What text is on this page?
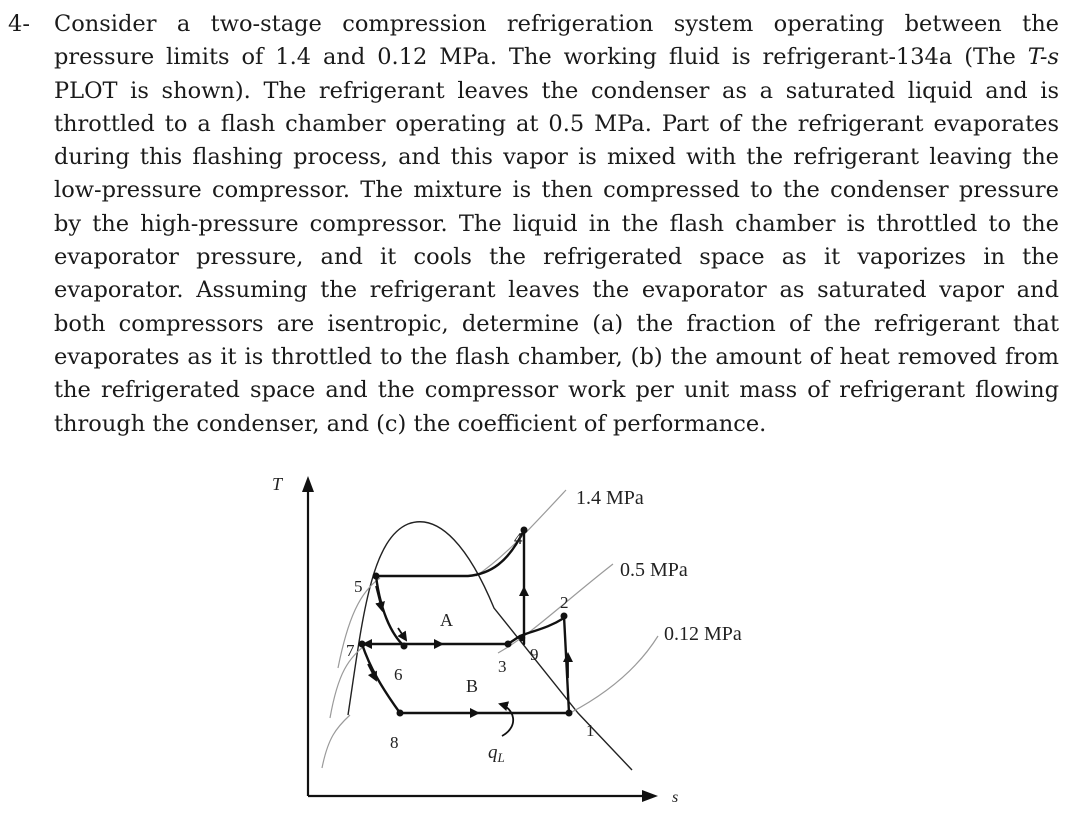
4-	Consider a two-stage compression refrigeration system operating between the pressure limits of 1.4 and 0.12 MPa. The working fluid is refrigerant-134a (The T-s PLOT is shown). The refrigerant leaves the condenser as a saturated liquid and is throttled to a flash chamber operating at 0.5 MPa. Part of the refrigerant evaporates during this flashing process, and this vapor is mixed with the refrigerant leaving the low-pressure compressor. The mixture is then compressed to the condenser pressure by the high-pressure compressor. The liquid in the flash chamber is throttled to the evaporator pressure, and it cools the refrigerated space as it vaporizes in the evaporator. Assuming the refrigerant leaves the evaporator as saturated vapor and both compressors are isentropic, determine (a) the fraction of the refrigerant that evaporates as it is throttled to the flash chamber, (b) the amount of heat removed from the refrigerated space and the compressor work per unit mass of refrigerant flowing through the condenser, and (c) the coefficient of performance.
1
2
3
4
5
6
7
8
9
A
B
$q_L$
1.4 MPa
0.5 MPa
0.12 MPa
T
s
